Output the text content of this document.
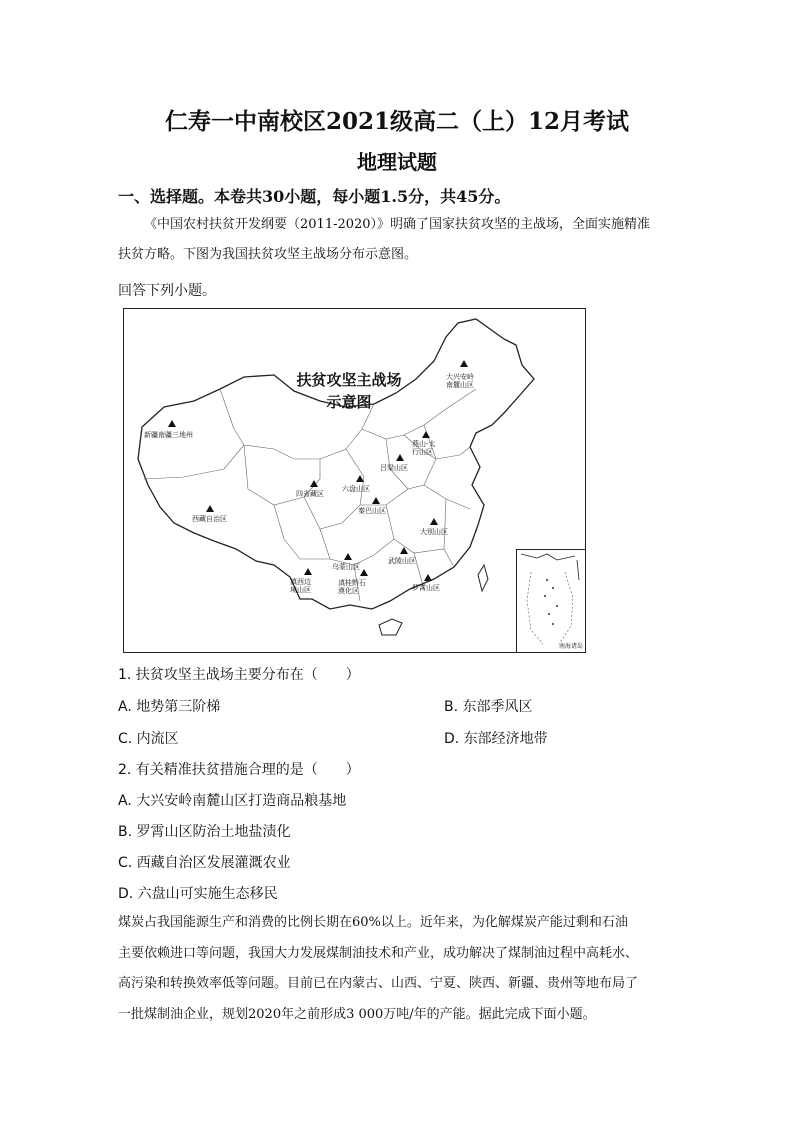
仁寿一中南校区2021级高二（上）12月考试
地理试题
一、选择题。本卷共30小题，每小题1.5分，共45分。
《中国农村扶贫开发纲要（2011-2020）》明确了国家扶贫攻坚的主战场，全面实施精准
扶贫方略。下图为我国扶贫攻坚主战场分布示意图。
回答下列小题。
扶贫攻坚主战场
示意图
大兴安岭南麓山区
新疆南疆三地州
燕山-太行山区
吕梁山区
六盘山区
四省藏区
秦巴山区
西藏自治区
大别山区
乌蒙山区
武陵山区
滇西边境山区
滇桂黔石漠化区	罗霄山区
南海诸岛
1. 扶贫攻坚主战场主要分布在（　　）
A. 地势第三阶梯	B. 东部季风区
C. 内流区	D. 东部经济地带
2. 有关精准扶贫措施合理的是（　　）
A. 大兴安岭南麓山区打造商品粮基地
B. 罗霄山区防治土地盐渍化
C. 西藏自治区发展灌溉农业
D. 六盘山可实施生态移民
煤炭占我国能源生产和消费的比例长期在60%以上。近年来，为化解煤炭产能过剩和石油
主要依赖进口等问题，我国大力发展煤制油技术和产业，成功解决了煤制油过程中高耗水、
高污染和转换效率低等问题。目前已在内蒙古、山西、宁夏、陕西、新疆、贵州等地布局了
一批煤制油企业，规划2020年之前形成3 000万吨/年的产能。据此完成下面小题。
